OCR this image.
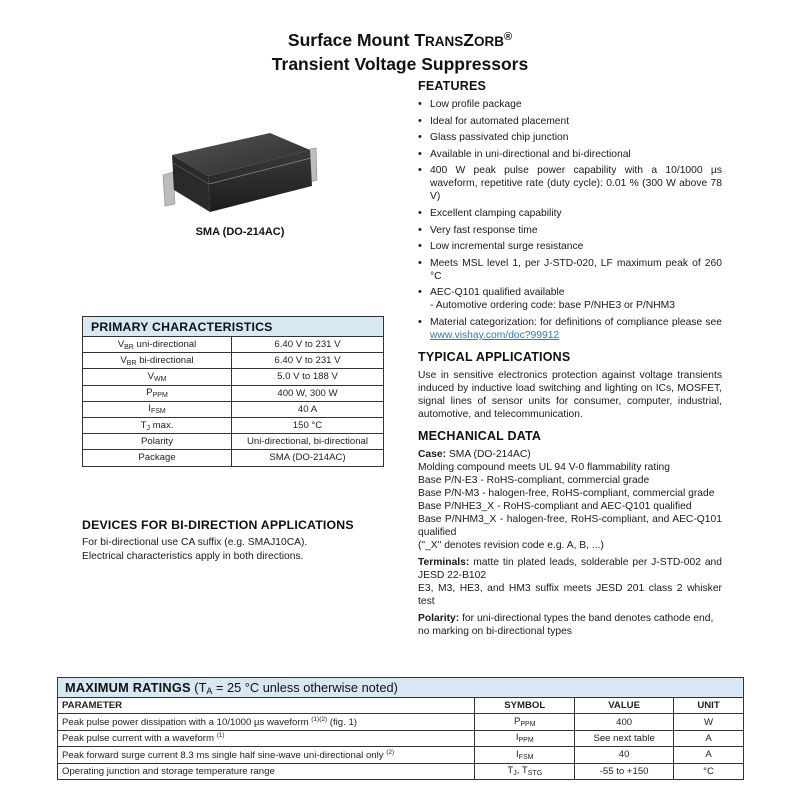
Surface Mount TRANSZORB®
Transient Voltage Suppressors
SMA (DO-214AC)
FEATURES
• Low profile package
• Ideal for automated placement
• Glass passivated chip junction
• Available in uni-directional and bi-directional
• 400 W peak pulse power capability with a 10/1000 µs waveform, repetitive rate (duty cycle): 0.01 % (300 W above 78 V)
• Excellent clamping capability
• Very fast response time
• Low incremental surge resistance
• Meets MSL level 1, per J-STD-020, LF maximum peak of 260 °C
• AEC-Q101 qualified available
- Automotive ordering code: base P/NHE3 or P/NHM3
• Material categorization: for definitions of compliance please see www.vishay.com/doc?99912
TYPICAL APPLICATIONS
Use in sensitive electronics protection against voltage transients induced by inductive load switching and lighting on ICs, MOSFET, signal lines of sensor units for consumer, computer, industrial, automotive, and telecommunication.
MECHANICAL DATA

Case: SMA (DO-214AC)

Molding compound meets UL 94 V-0 flammability rating

Base P/N-E3 - RoHS-compliant, commercial grade

Base P/N-M3 - halogen-free, RoHS-compliant, commercial grade

Base P/NHE3_X - RoHS-compliant and AEC-Q101 qualified

Base P/NHM3_X - halogen-free, RoHS-compliant, and AEC-Q101 qualified

("_X" denotes revision code e.g. A, B, ...)

Terminals: matte tin plated leads, solderable per J-STD-002 and JESD 22-B102

E3, M3, HE3, and HM3 suffix meets JESD 201 class 2 whisker test

Polarity: for uni-directional types the band denotes cathode end, no marking on bi-directional types

PRIMARY CHARACTERISTICS	
$V_{BR}$ uni-directional	6.40 V to 231 V
$V_{BR}$ bi-directional	6.40 V to 231 V
$V_{WM}$	5.0 V to 188 V
$P_{PPM}$	400 W, 300 W
$I_{FSM}$	40 A
$T_J$ max.	150 °C
Polarity	Uni-directional, bi-directional
Package	SMA (DO-214AC)
DEVICES FOR BI-DIRECTION APPLICATIONS
For bi-directional use CA suffix (e.g. SMAJ10CA).
Electrical characteristics apply in both directions.
MAXIMUM RATINGS ($T_A = 25$ °C unless otherwise noted)			
PARAMETER	SYMBOL	VALUE	UNIT
Peak pulse power dissipation with a 10/1000 µs waveform $^{(1)(2)}$ (fig. 1)	$P_{PPM}$	400	W
Peak pulse current with a waveform $^{(1)}$	$I_{PPM}$	See next table	A
Peak forward surge current 8.3 ms single half sine-wave uni-directional only $^{(2)}$	$I_{FSM}$	40	A
Operating junction and storage temperature range	$T_J$, $T_{STG}$	-55 to +150	°C
